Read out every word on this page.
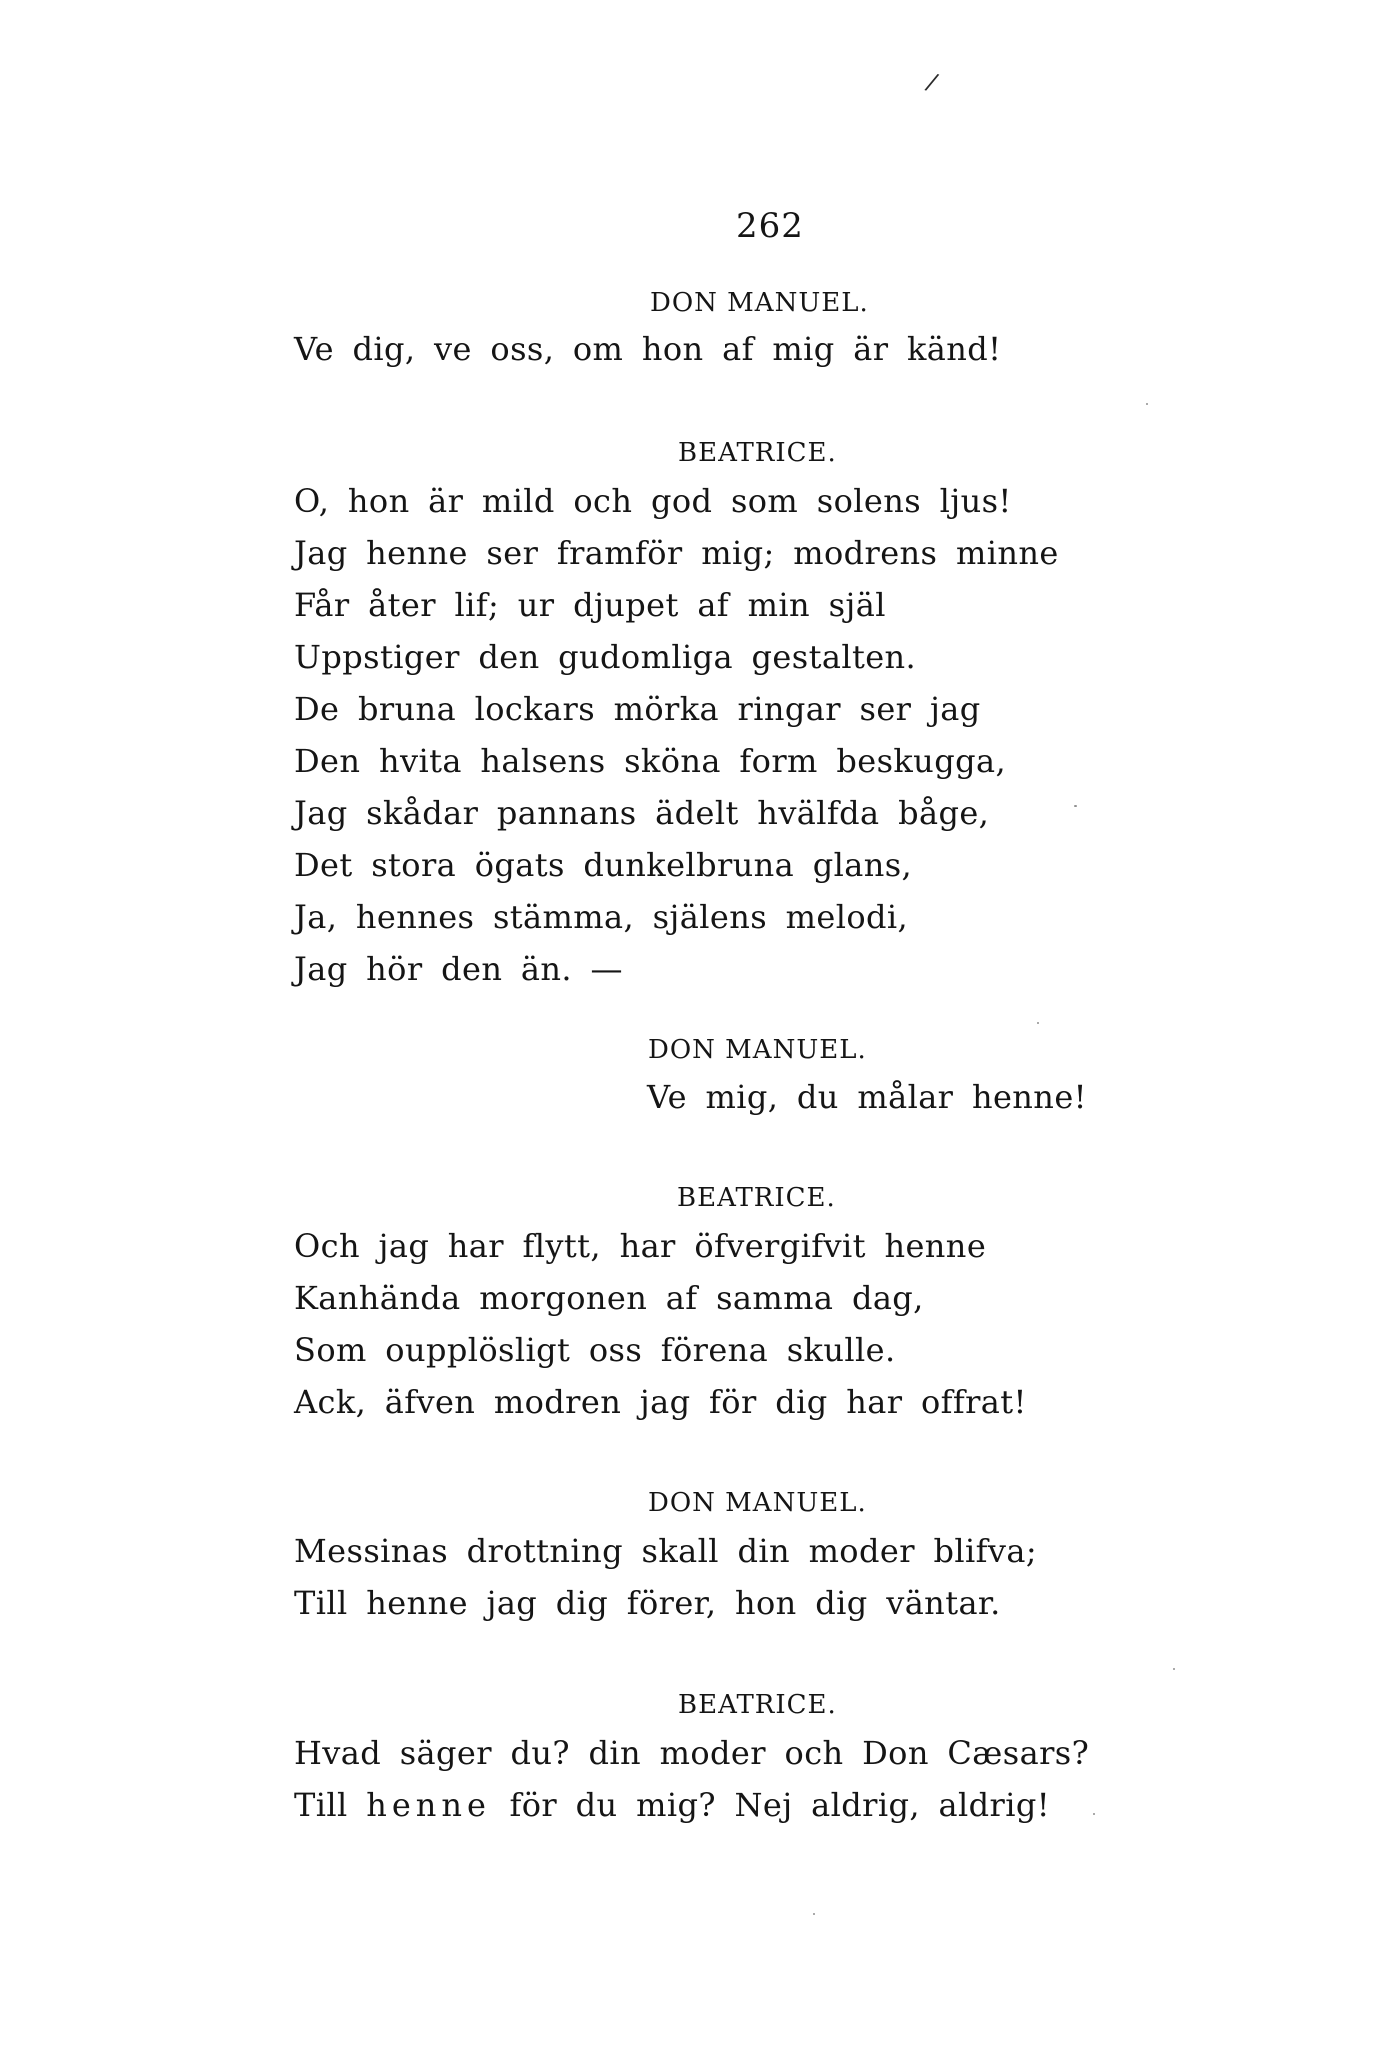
/
262
DON MANUEL.
Ve dig, ve oss, om hon af mig är känd!
BEATRICE.
O, hon är mild och god som solens ljus!
Jag henne ser framför mig; modrens minne
Får åter lif; ur djupet af min själ
Uppstiger den gudomliga gestalten.
De bruna lockars mörka ringar ser jag
Den hvita halsens sköna form beskugga,
Jag skådar pannans ädelt hvälfda båge,
Det stora ögats dunkelbruna glans,
Ja, hennes stämma, själens melodi,
Jag hör den än. —
DON MANUEL.
Ve mig, du målar henne!
BEATRICE.
Och jag har flytt, har öfvergifvit henne
Kanhända morgonen af samma dag,
Som oupplösligt oss förena skulle.
Ack, äfven modren jag för dig har offrat!
DON MANUEL.
Messinas drottning skall din moder blifva;
Till henne jag dig förer, hon dig väntar.
BEATRICE.
Hvad säger du? din moder och Don Cæsars?
Till henne för du mig? Nej aldrig, aldrig!
